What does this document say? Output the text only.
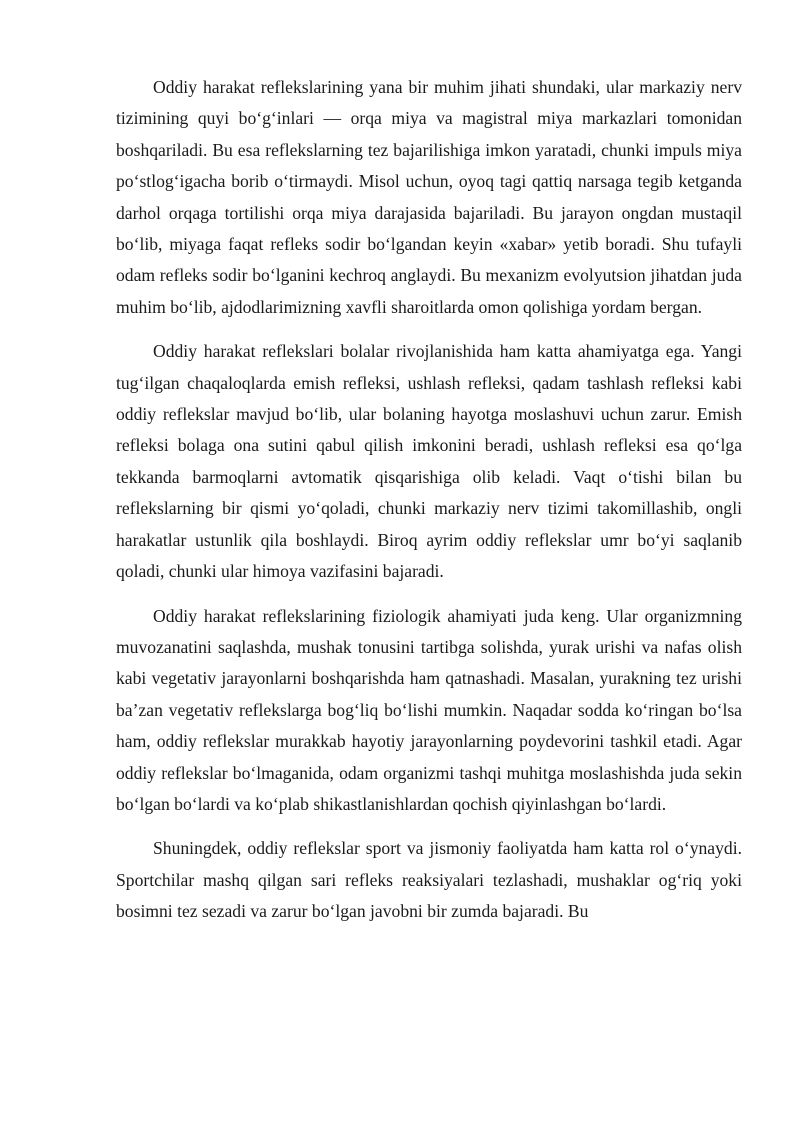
Oddiy harakat reflekslarining yana bir muhim jihati shundaki, ular markaziy nerv tizimining quyi bo‘g‘inlari — orqa miya va magistral miya markazlari tomonidan boshqariladi. Bu esa reflekslarning tez bajarilishiga imkon yaratadi, chunki impuls miya po‘stlog‘igacha borib o‘tirmaydi. Misol uchun, oyoq tagi qattiq narsaga tegib ketganda darhol orqaga tortilishi orqa miya darajasida bajariladi. Bu jarayon ongdan mustaqil bo‘lib, miyaga faqat refleks sodir bo‘lgandan keyin «xabar» yetib boradi. Shu tufayli odam refleks sodir bo‘lganini kechroq anglaydi. Bu mexanizm evolyutsion jihatdan juda muhim bo‘lib, ajdodlarimizning xavfli sharoitlarda omon qolishiga yordam bergan.

Oddiy harakat reflekslari bolalar rivojlanishida ham katta ahamiyatga ega. Yangi tug‘ilgan chaqaloqlarda emish refleksi, ushlash refleksi, qadam tashlash refleksi kabi oddiy reflekslar mavjud bo‘lib, ular bolaning hayotga moslashuvi uchun zarur. Emish refleksi bolaga ona sutini qabul qilish imkonini beradi, ushlash refleksi esa qo‘lga tekkanda barmoqlarni avtomatik qisqarishiga olib keladi. Vaqt o‘tishi bilan bu reflekslarning bir qismi yo‘qoladi, chunki markaziy nerv tizimi takomillashib, ongli harakatlar ustunlik qila boshlaydi. Biroq ayrim oddiy reflekslar umr bo‘yi saqlanib qoladi, chunki ular himoya vazifasini bajaradi.

Oddiy harakat reflekslarining fiziologik ahamiyati juda keng. Ular organizmning muvozanatini saqlashda, mushak tonusini tartibga solishda, yurak urishi va nafas olish kabi vegetativ jarayonlarni boshqarishda ham qatnashadi. Masalan, yurakning tez urishi ba’zan vegetativ reflekslarga bog‘liq bo‘lishi mumkin. Naqadar sodda ko‘ringan bo‘lsa ham, oddiy reflekslar murakkab hayotiy jarayonlarning poydevorini tashkil etadi. Agar oddiy reflekslar bo‘lmaganida, odam organizmi tashqi muhitga moslashishda juda sekin bo‘lgan bo‘lardi va ko‘plab shikastlanishlardan qochish qiyinlashgan bo‘lardi.

Shuningdek, oddiy reflekslar sport va jismoniy faoliyatda ham katta rol o‘ynaydi. Sportchilar mashq qilgan sari refleks reaksiyalari tezlashadi, mushaklar og‘riq yoki bosimni tez sezadi va zarur bo‘lgan javobni bir zumda bajaradi. Bu
